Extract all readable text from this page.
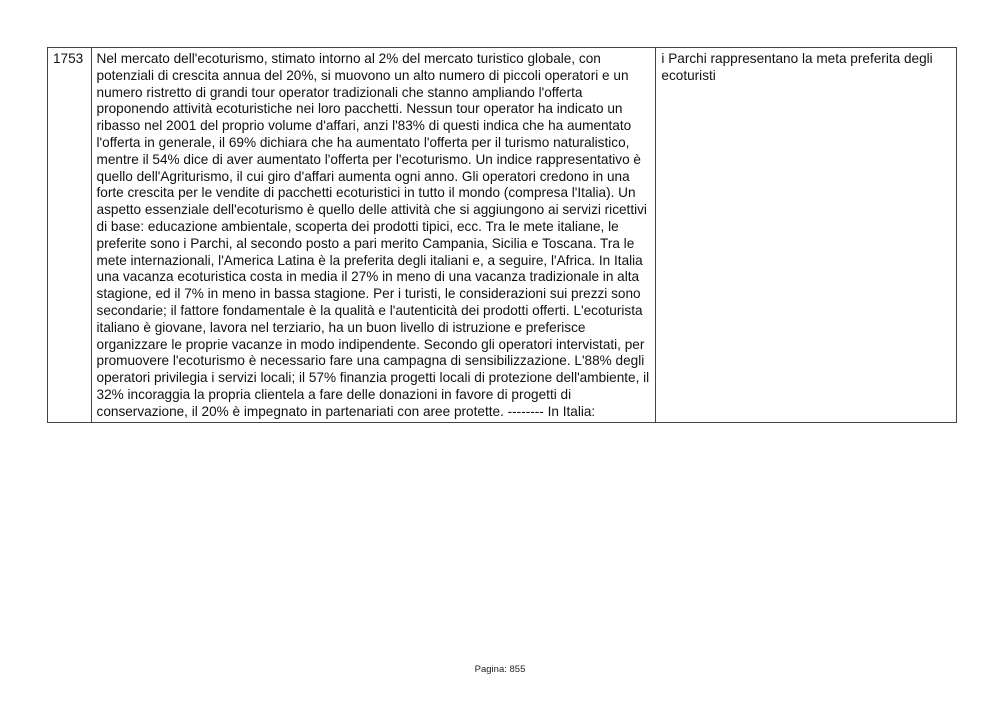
1753	Nel mercato dell'ecoturismo, stimato intorno al 2% del mercato turistico globale, con potenziali di crescita annua del 20%, si muovono un alto numero di piccoli operatori e un numero ristretto di grandi tour operator tradizionali che stanno ampliando l'offerta proponendo attività ecoturistiche nei loro pacchetti. Nessun tour operator ha indicato un ribasso nel 2001 del proprio volume d'affari, anzi l'83% di questi indica che ha aumentato l'offerta in generale, il 69% dichiara che ha aumentato l'offerta per il turismo naturalistico, mentre il 54% dice di aver aumentato l'offerta per l'ecoturismo. Un indice rappresentativo è quello dell'Agriturismo, il cui giro d'affari aumenta ogni anno. Gli operatori credono in una forte crescita per le vendite di pacchetti ecoturistici in tutto il mondo (compresa l'Italia). Un aspetto essenziale dell'ecoturismo è quello delle attività che si aggiungono ai servizi ricettivi di base: educazione ambientale, scoperta dei prodotti tipici, ecc. Tra le mete italiane, le preferite sono i Parchi, al secondo posto a pari merito Campania, Sicilia e Toscana. Tra le mete internazionali, l'America Latina è la preferita degli italiani e, a seguire, l'Africa. In Italia una vacanza ecoturistica costa in media il 27% in meno di una vacanza tradizionale in alta stagione, ed il 7% in meno in bassa stagione. Per i turisti, le considerazioni sui prezzi sono secondarie; il fattore fondamentale è la qualità e l'autenticità dei prodotti offerti. L'ecoturista italiano è giovane, lavora nel terziario, ha un buon livello di istruzione e preferisce organizzare le proprie vacanze in modo indipendente. Secondo gli operatori intervistati, per promuovere l'ecoturismo è necessario fare una campagna di sensibilizzazione. L'88% degli operatori privilegia i servizi locali; il 57% finanzia progetti locali di protezione dell'ambiente, il 32% incoraggia la propria clientela a fare delle donazioni in favore di progetti di conservazione, il 20% è impegnato in partenariati con aree protette. -------- In Italia:	i Parchi rappresentano la meta preferita degli ecoturisti
Pagina: 855
